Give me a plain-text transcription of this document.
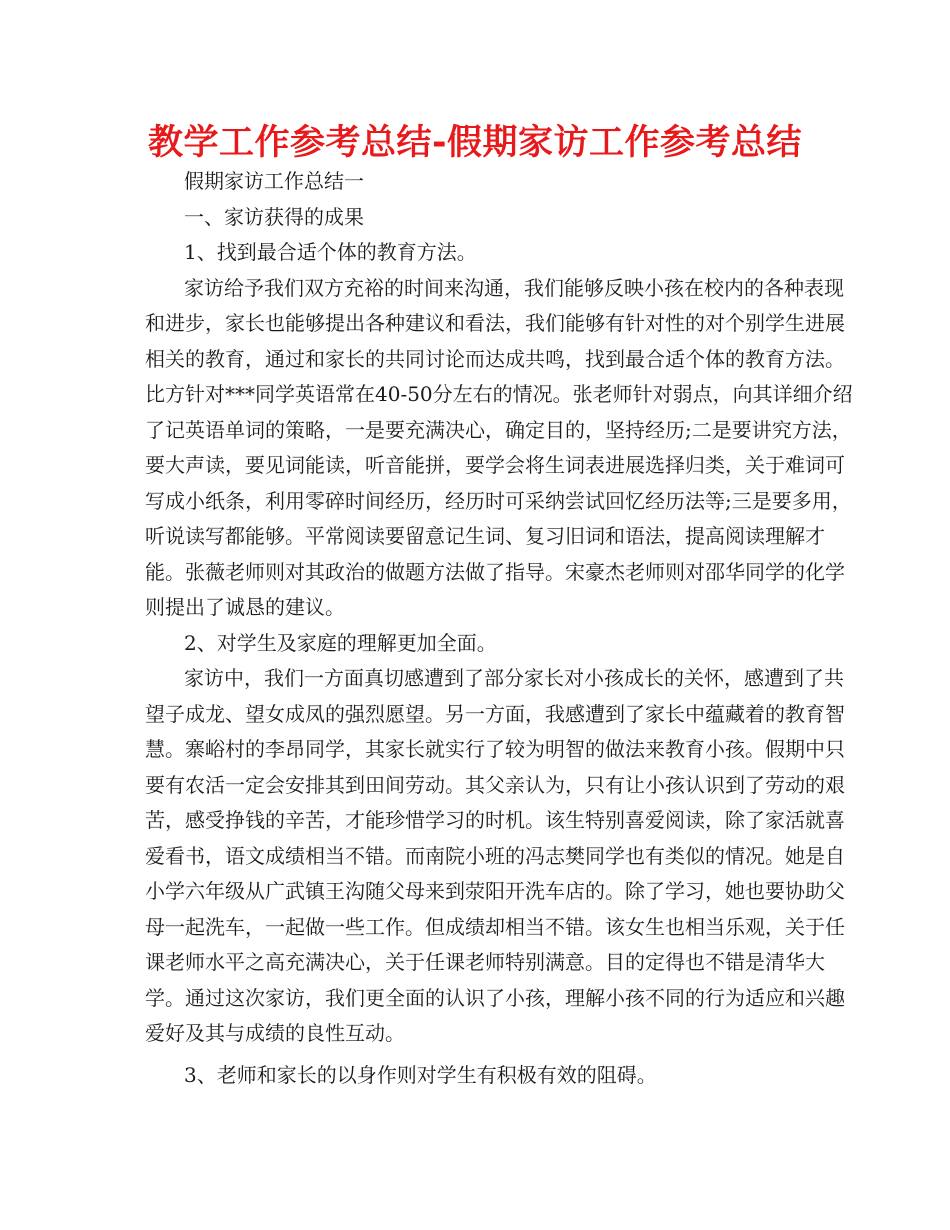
教学工作参考总结-假期家访工作参考总结
假期家访工作总结一
一、家访获得的成果
1、找到最合适个体的教育方法。
家访给予我们双方充裕的时间来沟通，我们能够反映小孩在校内的各种表现
和进步，家长也能够提出各种建议和看法，我们能够有针对性的对个别学生进展
相关的教育，通过和家长的共同讨论而达成共鸣，找到最合适个体的教育方法。
比方针对***同学英语常在40-50分左右的情况。张老师针对弱点，向其详细介绍
了记英语单词的策略，一是要充满决心，确定目的，坚持经历;二是要讲究方法，
要大声读，要见词能读，听音能拼，要学会将生词表进展选择归类，关于难词可
写成小纸条，利用零碎时间经历，经历时可采纳尝试回忆经历法等;三是要多用，
听说读写都能够。平常阅读要留意记生词、复习旧词和语法，提高阅读理解才
能。张薇老师则对其政治的做题方法做了指导。宋豪杰老师则对邵华同学的化学
则提出了诚恳的建议。
2、对学生及家庭的理解更加全面。
家访中，我们一方面真切感遭到了部分家长对小孩成长的关怀，感遭到了共
望子成龙、望女成凤的强烈愿望。另一方面，我感遭到了家长中蕴藏着的教育智
慧。寨峪村的李昂同学，其家长就实行了较为明智的做法来教育小孩。假期中只
要有农活一定会安排其到田间劳动。其父亲认为，只有让小孩认识到了劳动的艰
苦，感受挣钱的辛苦，才能珍惜学习的时机。该生特别喜爱阅读，除了家活就喜
爱看书，语文成绩相当不错。而南院小班的冯志樊同学也有类似的情况。她是自
小学六年级从广武镇王沟随父母来到荥阳开洗车店的。除了学习，她也要协助父
母一起洗车，一起做一些工作。但成绩却相当不错。该女生也相当乐观，关于任
课老师水平之高充满决心，关于任课老师特别满意。目的定得也不错是清华大
学。通过这次家访，我们更全面的认识了小孩，理解小孩不同的行为适应和兴趣
爱好及其与成绩的良性互动。
3、老师和家长的以身作则对学生有积极有效的阻碍。
